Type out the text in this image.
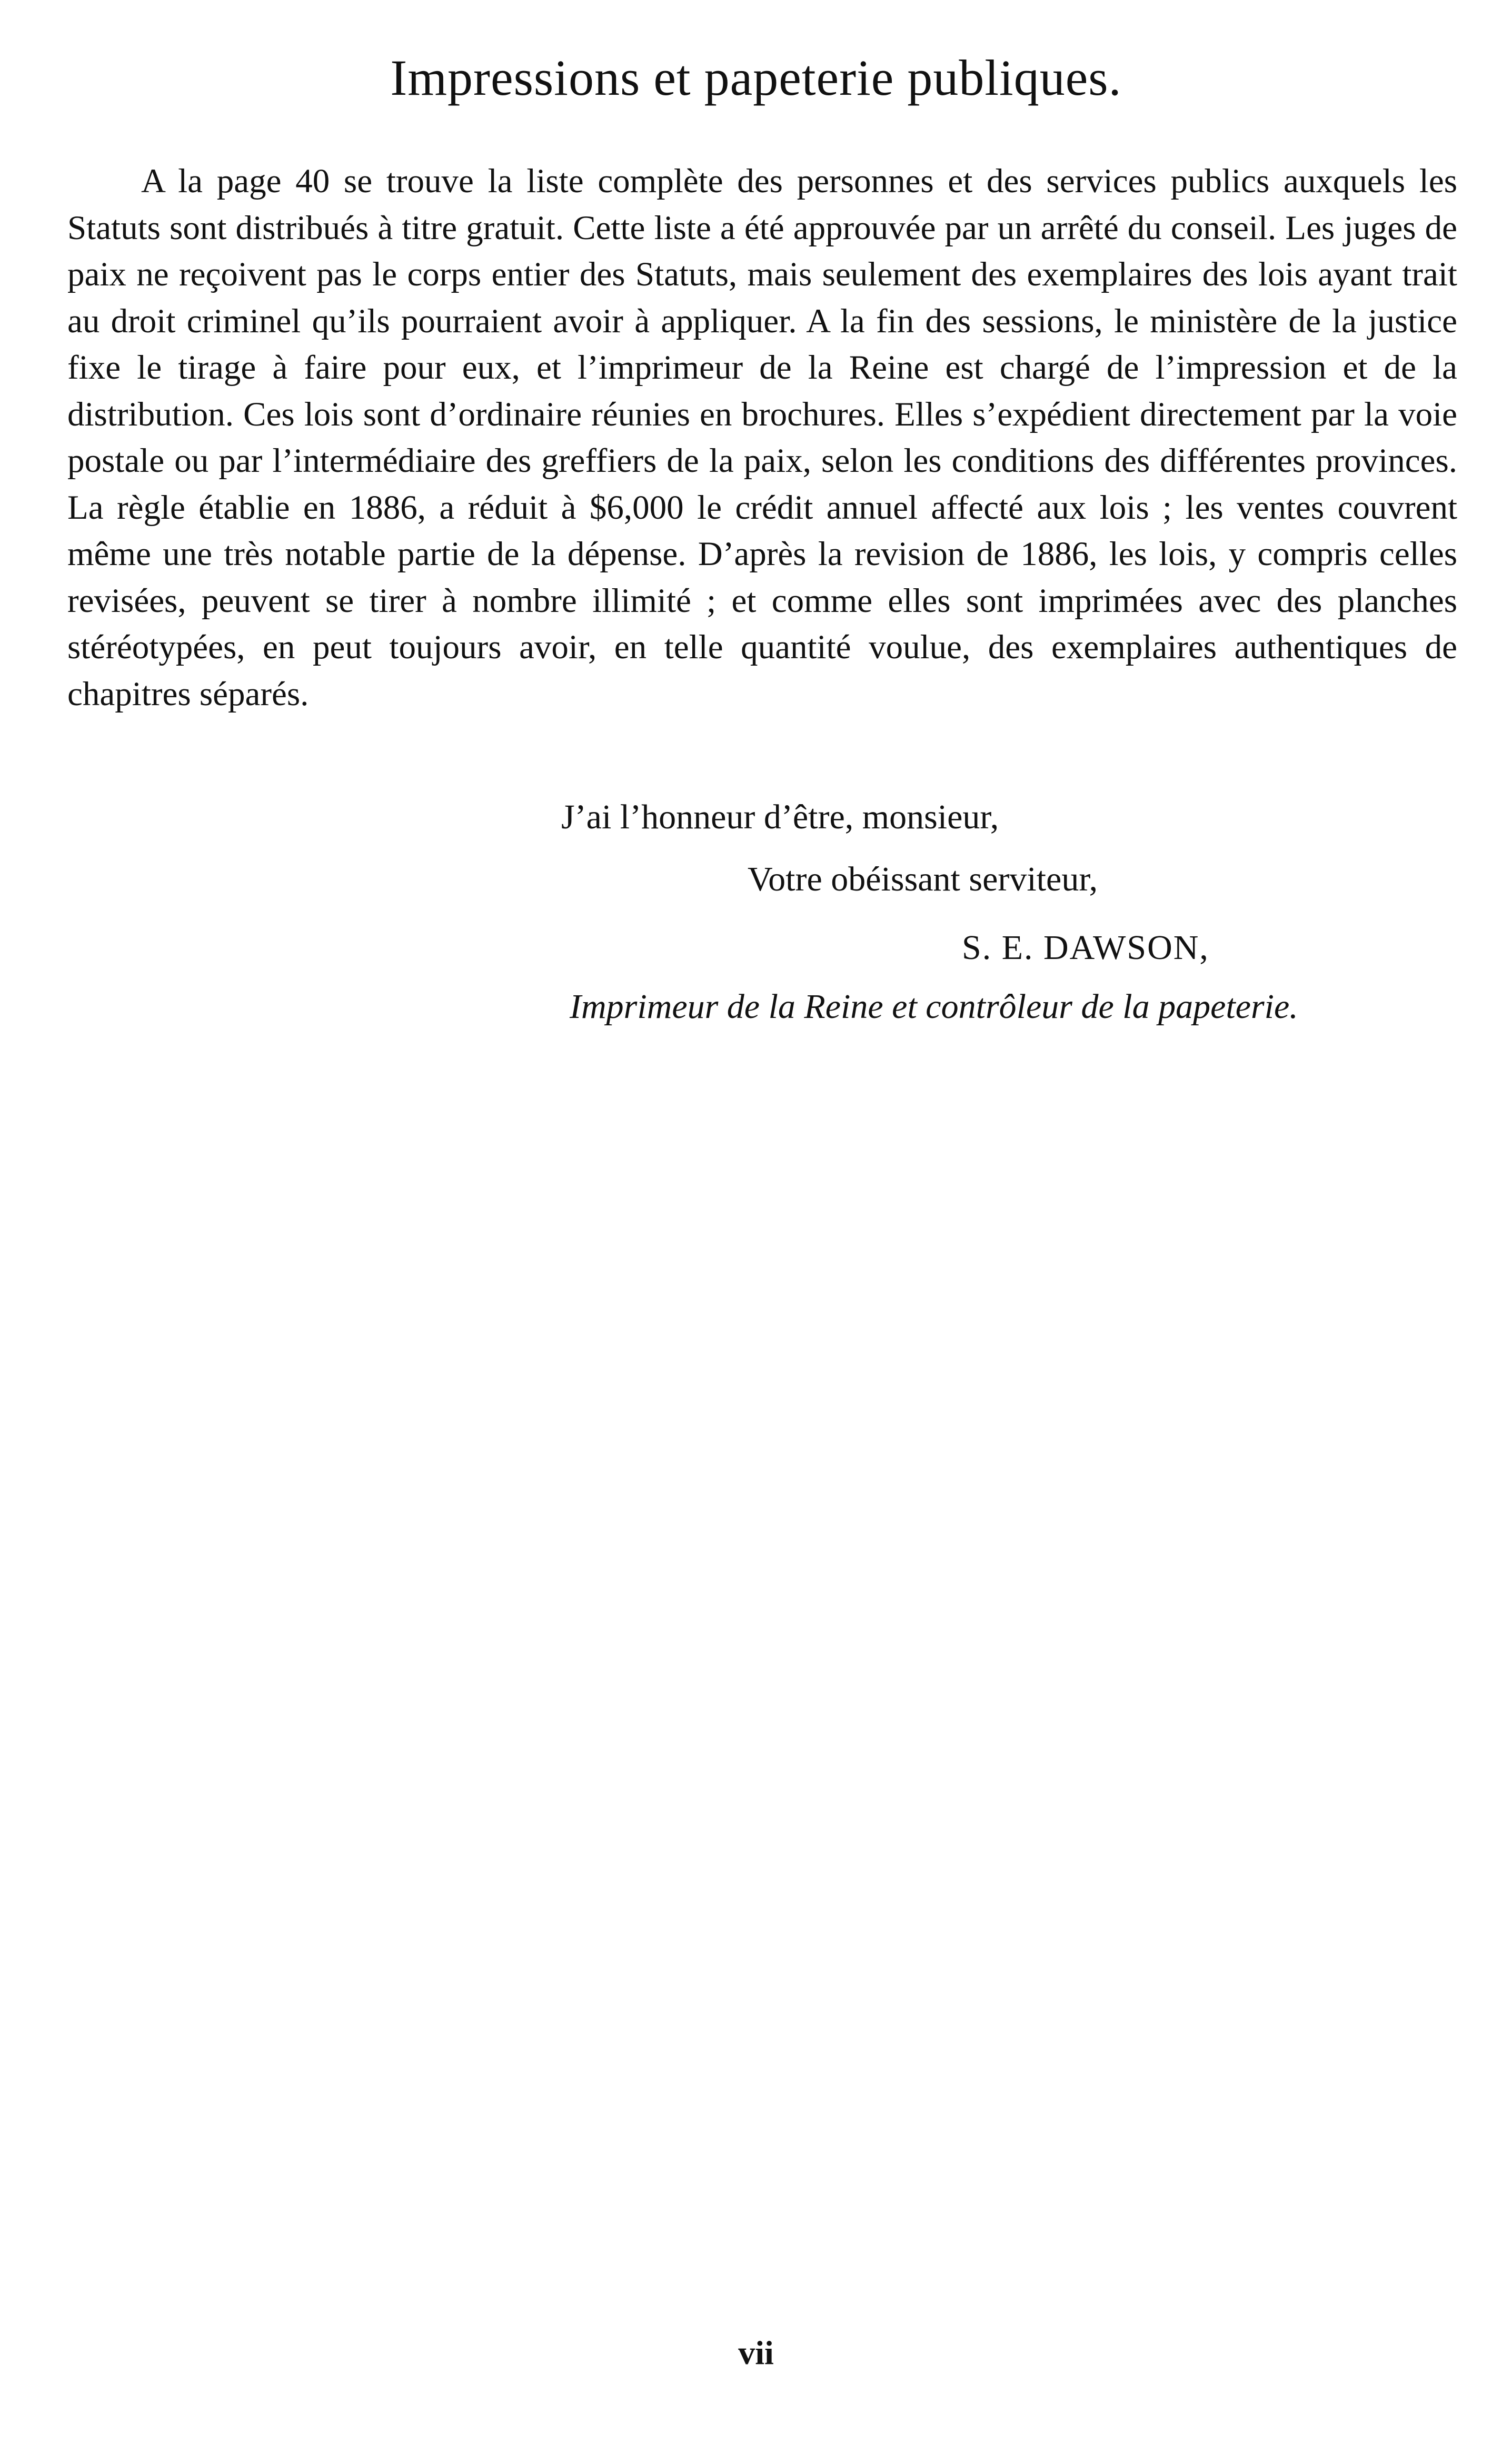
Impressions et papeterie publiques.

A la page 40 se trouve la liste complète des personnes et des services publics auxquels les Statuts sont distribués à titre gratuit. Cette liste a été approuvée par un arrêté du conseil. Les juges de paix ne reçoivent pas le corps entier des Statuts, mais seulement des exemplaires des lois ayant trait au droit criminel qu’ils pourraient avoir à appliquer. A la fin des sessions, le ministère de la justice fixe le tirage à faire pour eux, et l’imprimeur de la Reine est chargé de l’impression et de la distribution. Ces lois sont d’ordinaire réunies en brochures. Elles s’expédient directement par la voie postale ou par l’intermédiaire des greffiers de la paix, selon les conditions des différentes provinces. La règle établie en 1886, a réduit à $6,000 le crédit annuel affecté aux lois ; les ventes couvrent même une très notable partie de la dépense. D’après la revision de 1886, les lois, y compris celles revisées, peuvent se tirer à nombre illimité ; et comme elles sont imprimées avec des planches stéréotypées, en peut toujours avoir, en telle quantité voulue, des exemplaires authentiques de chapitres séparés.

J’ai l’honneur d’être, monsieur,
Votre obéissant serviteur,
S. E. DAWSON,
Imprimeur de la Reine et contrôleur de la papeterie.
vii
